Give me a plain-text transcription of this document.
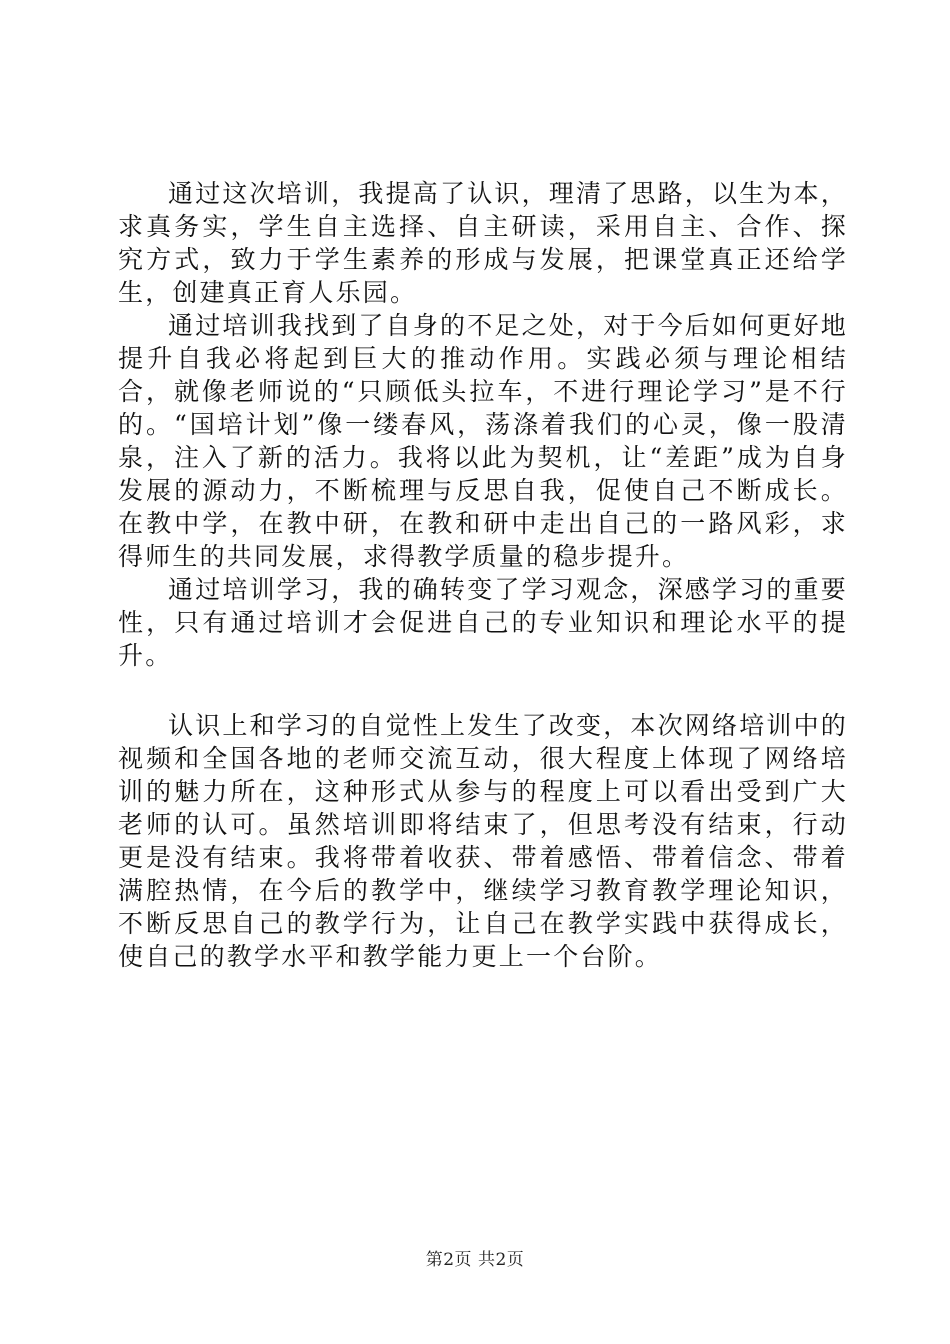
通过这次培训，我提高了认识，理清了思路，以生为本，求真务实，学生自主选择、自主研读，采用自主、合作、探究方式，致力于学生素养的形成与发展，把课堂真正还给学生，创建真正育人乐园。

通过培训我找到了自身的不足之处，对于今后如何更好地提升自我必将起到巨大的推动作用。实践必须与理论相结合，就像老师说的“只顾低头拉车，不进行理论学习”是不行的。“国培计划”像一缕春风，荡涤着我们的心灵，像一股清泉，注入了新的活力。我将以此为契机，让“差距”成为自身发展的源动力，不断梳理与反思自我，促使自己不断成长。在教中学，在教中研，在教和研中走出自己的一路风彩，求得师生的共同发展，求得教学质量的稳步提升。

通过培训学习，我的确转变了学习观念，深感学习的重要性，只有通过培训才会促进自己的专业知识和理论水平的提升。

认识上和学习的自觉性上发生了改变，本次网络培训中的视频和全国各地的老师交流互动，很大程度上体现了网络培训的魅力所在，这种形式从参与的程度上可以看出受到广大老师的认可。虽然培训即将结束了，但思考没有结束，行动更是没有结束。我将带着收获、带着感悟、带着信念、带着满腔热情，在今后的教学中，继续学习教育教学理论知识，不断反思自己的教学行为，让自己在教学实践中获得成长，使自己的教学水平和教学能力更上一个台阶。

第2页 共2页
